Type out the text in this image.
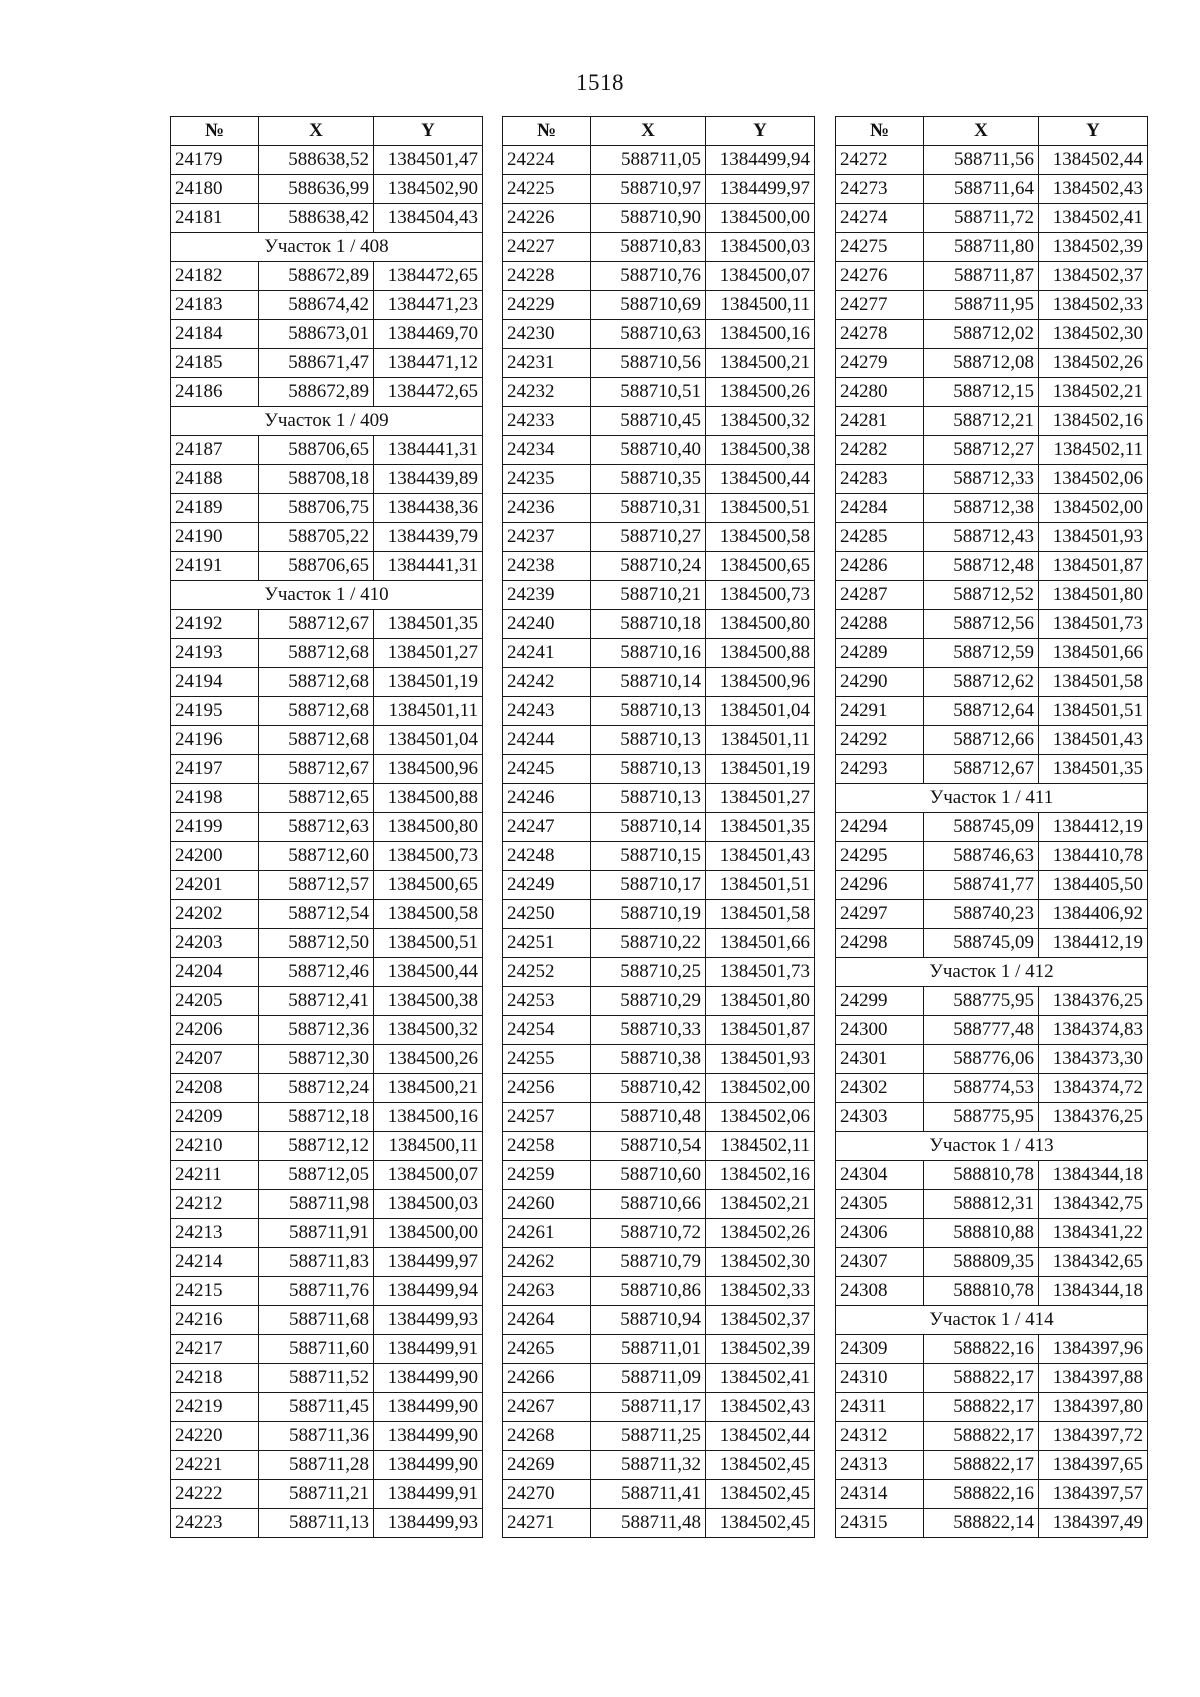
1518
№	X	Y
24179	588638,52	1384501,47
24180	588636,99	1384502,90
24181	588638,42	1384504,43
Участок 1 / 408		
24182	588672,89	1384472,65
24183	588674,42	1384471,23
24184	588673,01	1384469,70
24185	588671,47	1384471,12
24186	588672,89	1384472,65
Участок 1 / 409		
24187	588706,65	1384441,31
24188	588708,18	1384439,89
24189	588706,75	1384438,36
24190	588705,22	1384439,79
24191	588706,65	1384441,31
Участок 1 / 410		
24192	588712,67	1384501,35
24193	588712,68	1384501,27
24194	588712,68	1384501,19
24195	588712,68	1384501,11
24196	588712,68	1384501,04
24197	588712,67	1384500,96
24198	588712,65	1384500,88
24199	588712,63	1384500,80
24200	588712,60	1384500,73
24201	588712,57	1384500,65
24202	588712,54	1384500,58
24203	588712,50	1384500,51
24204	588712,46	1384500,44
24205	588712,41	1384500,38
24206	588712,36	1384500,32
24207	588712,30	1384500,26
24208	588712,24	1384500,21
24209	588712,18	1384500,16
24210	588712,12	1384500,11
24211	588712,05	1384500,07
24212	588711,98	1384500,03
24213	588711,91	1384500,00
24214	588711,83	1384499,97
24215	588711,76	1384499,94
24216	588711,68	1384499,93
24217	588711,60	1384499,91
24218	588711,52	1384499,90
24219	588711,45	1384499,90
24220	588711,36	1384499,90
24221	588711,28	1384499,90
24222	588711,21	1384499,91
24223	588711,13	1384499,93
№	X	Y
24224	588711,05	1384499,94
24225	588710,97	1384499,97
24226	588710,90	1384500,00
24227	588710,83	1384500,03
24228	588710,76	1384500,07
24229	588710,69	1384500,11
24230	588710,63	1384500,16
24231	588710,56	1384500,21
24232	588710,51	1384500,26
24233	588710,45	1384500,32
24234	588710,40	1384500,38
24235	588710,35	1384500,44
24236	588710,31	1384500,51
24237	588710,27	1384500,58
24238	588710,24	1384500,65
24239	588710,21	1384500,73
24240	588710,18	1384500,80
24241	588710,16	1384500,88
24242	588710,14	1384500,96
24243	588710,13	1384501,04
24244	588710,13	1384501,11
24245	588710,13	1384501,19
24246	588710,13	1384501,27
24247	588710,14	1384501,35
24248	588710,15	1384501,43
24249	588710,17	1384501,51
24250	588710,19	1384501,58
24251	588710,22	1384501,66
24252	588710,25	1384501,73
24253	588710,29	1384501,80
24254	588710,33	1384501,87
24255	588710,38	1384501,93
24256	588710,42	1384502,00
24257	588710,48	1384502,06
24258	588710,54	1384502,11
24259	588710,60	1384502,16
24260	588710,66	1384502,21
24261	588710,72	1384502,26
24262	588710,79	1384502,30
24263	588710,86	1384502,33
24264	588710,94	1384502,37
24265	588711,01	1384502,39
24266	588711,09	1384502,41
24267	588711,17	1384502,43
24268	588711,25	1384502,44
24269	588711,32	1384502,45
24270	588711,41	1384502,45
24271	588711,48	1384502,45
№	X	Y
24272	588711,56	1384502,44
24273	588711,64	1384502,43
24274	588711,72	1384502,41
24275	588711,80	1384502,39
24276	588711,87	1384502,37
24277	588711,95	1384502,33
24278	588712,02	1384502,30
24279	588712,08	1384502,26
24280	588712,15	1384502,21
24281	588712,21	1384502,16
24282	588712,27	1384502,11
24283	588712,33	1384502,06
24284	588712,38	1384502,00
24285	588712,43	1384501,93
24286	588712,48	1384501,87
24287	588712,52	1384501,80
24288	588712,56	1384501,73
24289	588712,59	1384501,66
24290	588712,62	1384501,58
24291	588712,64	1384501,51
24292	588712,66	1384501,43
24293	588712,67	1384501,35
Участок 1 / 411		
24294	588745,09	1384412,19
24295	588746,63	1384410,78
24296	588741,77	1384405,50
24297	588740,23	1384406,92
24298	588745,09	1384412,19
Участок 1 / 412		
24299	588775,95	1384376,25
24300	588777,48	1384374,83
24301	588776,06	1384373,30
24302	588774,53	1384374,72
24303	588775,95	1384376,25
Участок 1 / 413		
24304	588810,78	1384344,18
24305	588812,31	1384342,75
24306	588810,88	1384341,22
24307	588809,35	1384342,65
24308	588810,78	1384344,18
Участок 1 / 414		
24309	588822,16	1384397,96
24310	588822,17	1384397,88
24311	588822,17	1384397,80
24312	588822,17	1384397,72
24313	588822,17	1384397,65
24314	588822,16	1384397,57
24315	588822,14	1384397,49
